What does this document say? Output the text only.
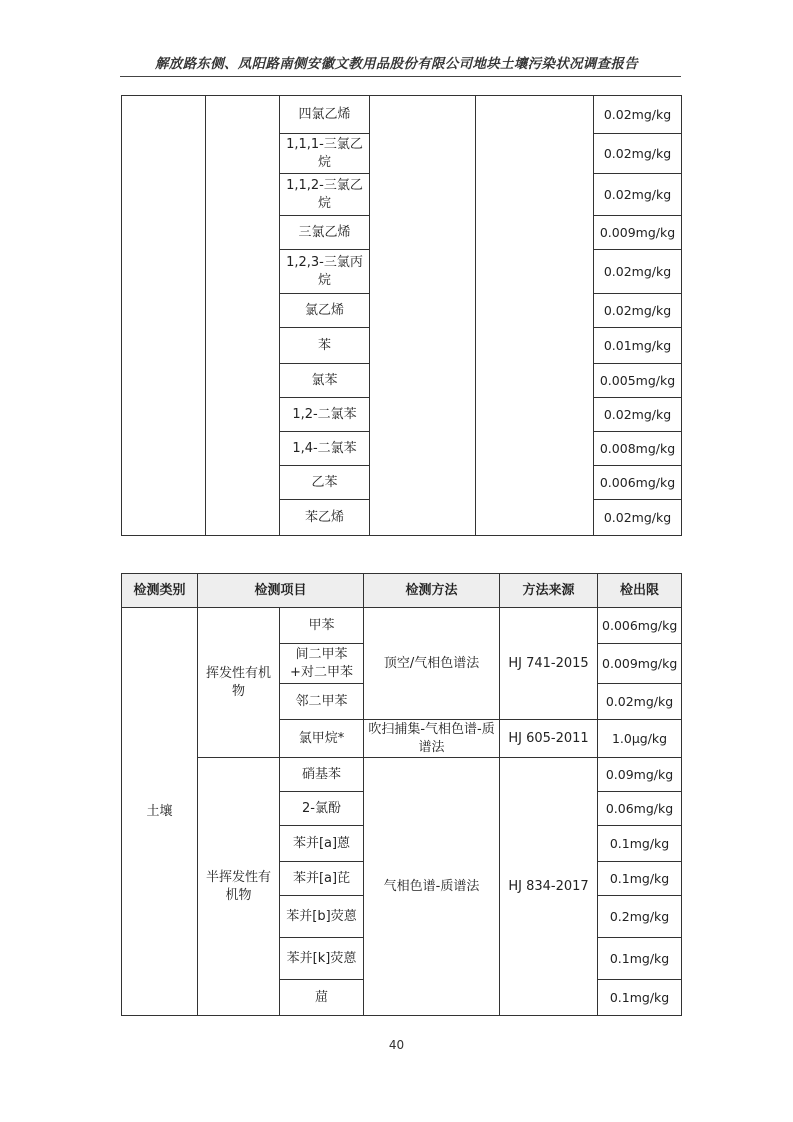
解放路东侧、凤阳路南侧安徽文教用品股份有限公司地块土壤污染状况调查报告
		四氯乙烯			0.02mg/kg
		1,1,1-三氯乙烷			0.02mg/kg
		1,1,2-三氯乙烷			0.02mg/kg
		三氯乙烯			0.009mg/kg
		1,2,3-三氯丙烷			0.02mg/kg
		氯乙烯			0.02mg/kg
		苯			0.01mg/kg
		氯苯			0.005mg/kg
		1,2-二氯苯			0.02mg/kg
		1,4-二氯苯			0.008mg/kg
		乙苯			0.006mg/kg
		苯乙烯			0.02mg/kg
检测类别	检测项目		检测方法	方法来源	检出限
土壤	挥发性有机物	甲苯	顶空/气相色谱法	HJ 741-2015	0.006mg/kg
		间二甲苯+对二甲苯			0.009mg/kg
		邻二甲苯			0.02mg/kg
		氯甲烷*	吹扫捕集-气相色谱-质谱法	HJ 605-2011	1.0μg/kg
	半挥发性有机物	硝基苯	气相色谱-质谱法	HJ 834-2017	0.09mg/kg
		2-氯酚			0.06mg/kg
		苯并[a]蒽			0.1mg/kg
		苯并[a]芘			0.1mg/kg
		苯并[b]荧蒽			0.2mg/kg
		苯并[k]荧蒽			0.1mg/kg
		䓛			0.1mg/kg
40
